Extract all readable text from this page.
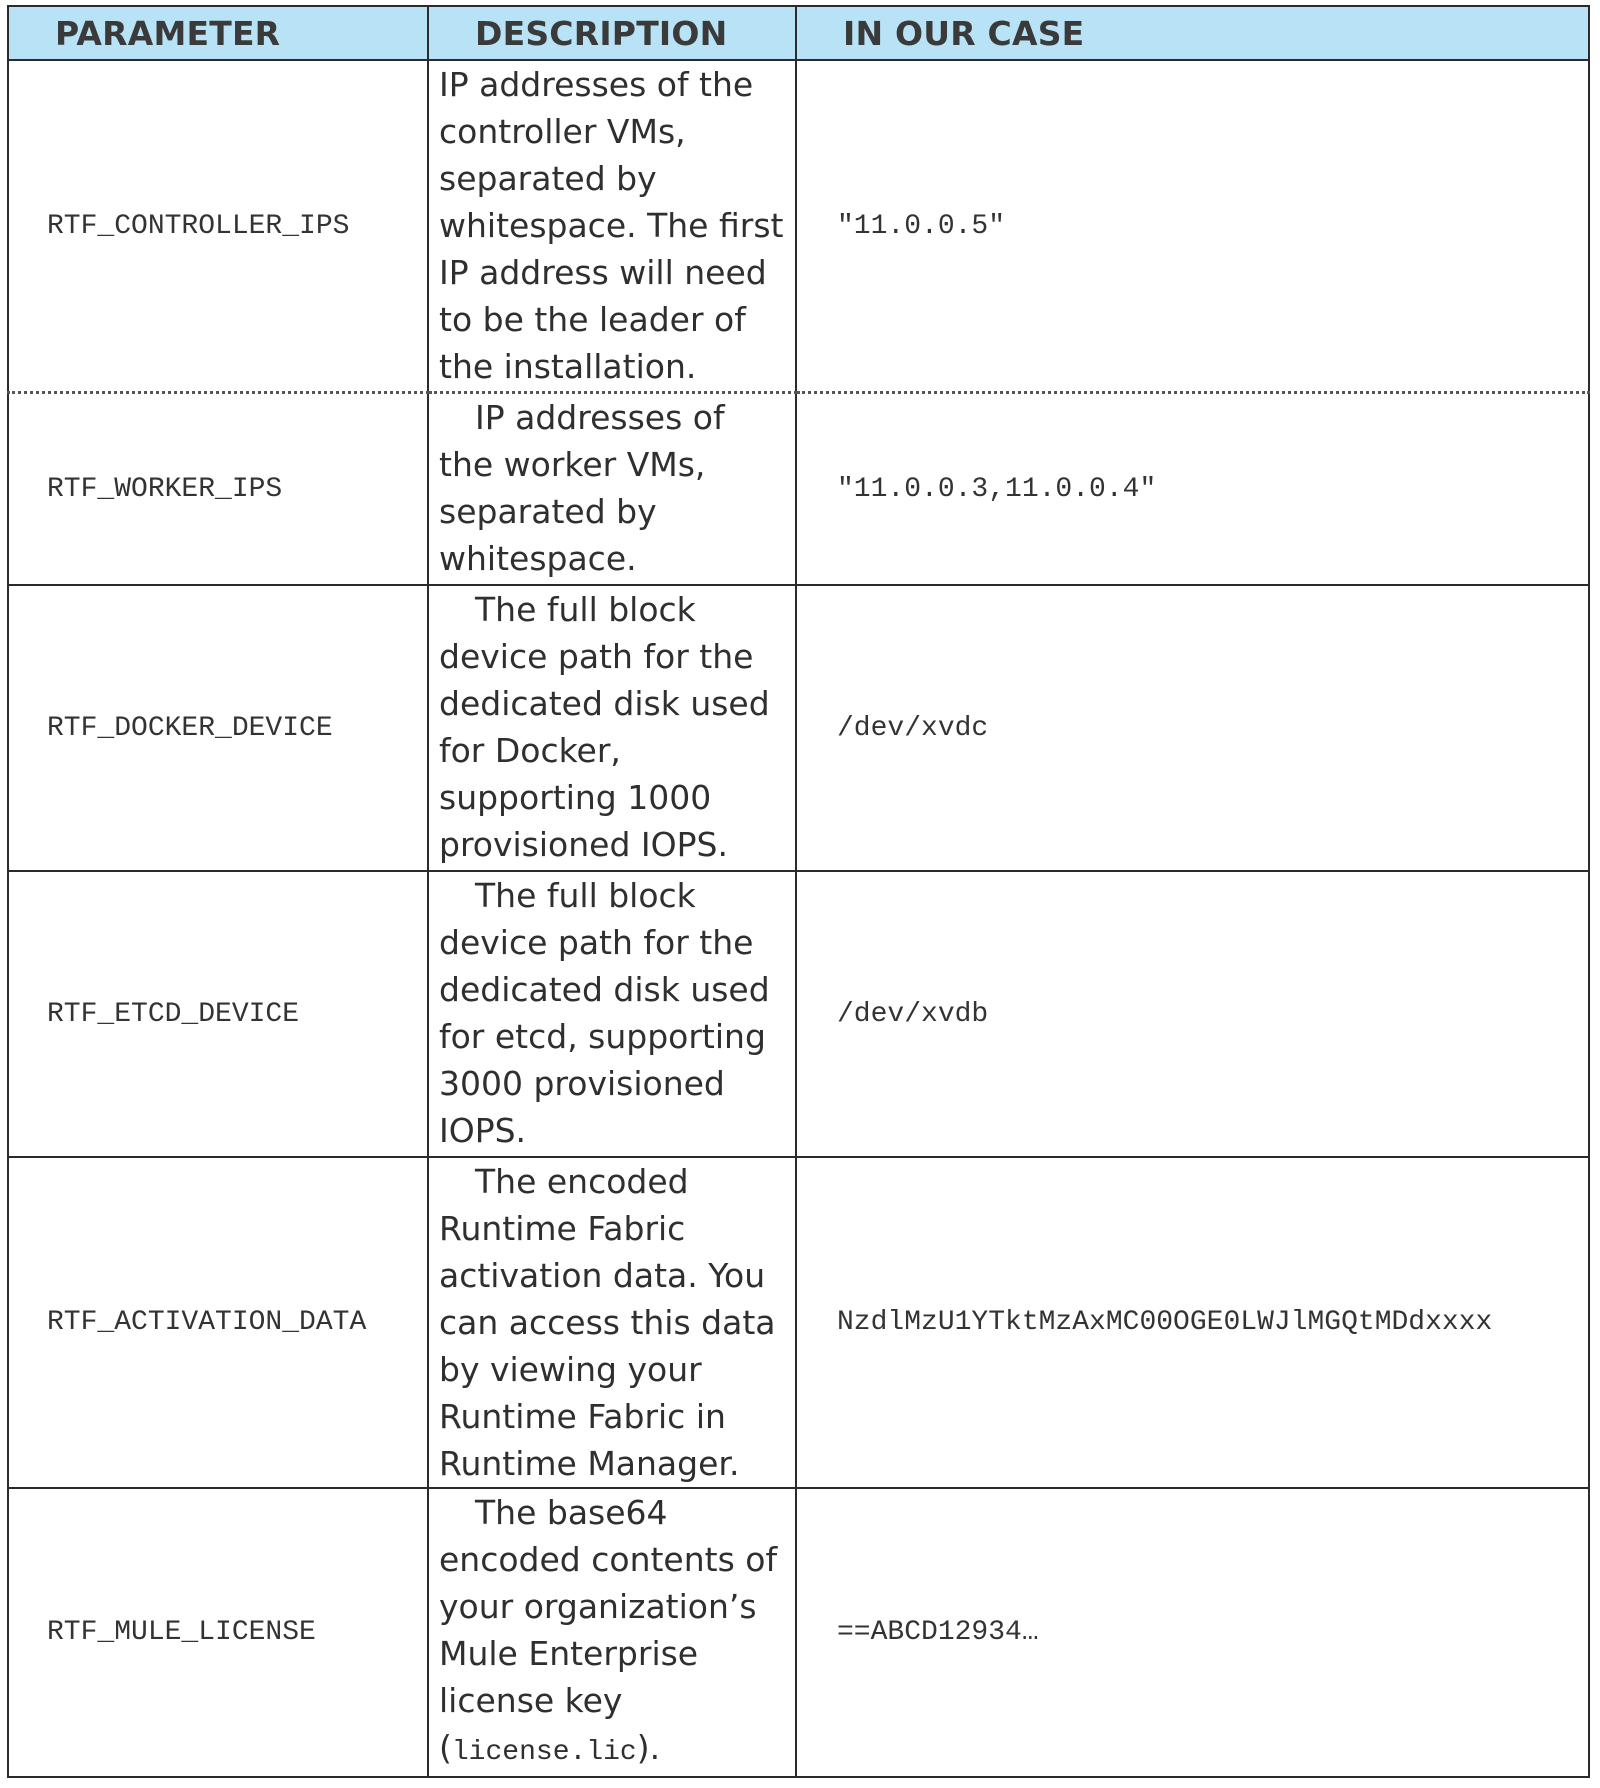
PARAMETER	DESCRIPTION	IN OUR CASE

RTF_CONTROLLER_IPS	IP addresses of the controller VMs, separated by whitespace. The first IP address will need to be the leader of the installation.	"11.0.0.5"
RTF_WORKER_IPS	IP addresses of the worker VMs, separated by whitespace.	"11.0.0.3,11.0.0.4"
RTF_DOCKER_DEVICE	The full block device path for the dedicated disk used for Docker, supporting 1000 provisioned IOPS.	/dev/xvdc
RTF_ETCD_DEVICE	The full block device path for the dedicated disk used for etcd, supporting 3000 provisioned IOPS.	/dev/xvdb
RTF_ACTIVATION_DATA	The encoded Runtime Fabric activation data. You can access this data by viewing your Runtime Fabric in Runtime Manager.	NzdlMzU1YTktMzAxMC00OGE0LWJlMGQtMDdxxxx
RTF_MULE_LICENSE	The base64 encoded contents of your organization’s Mule Enterprise license key (license.lic).	==ABCD12934…
